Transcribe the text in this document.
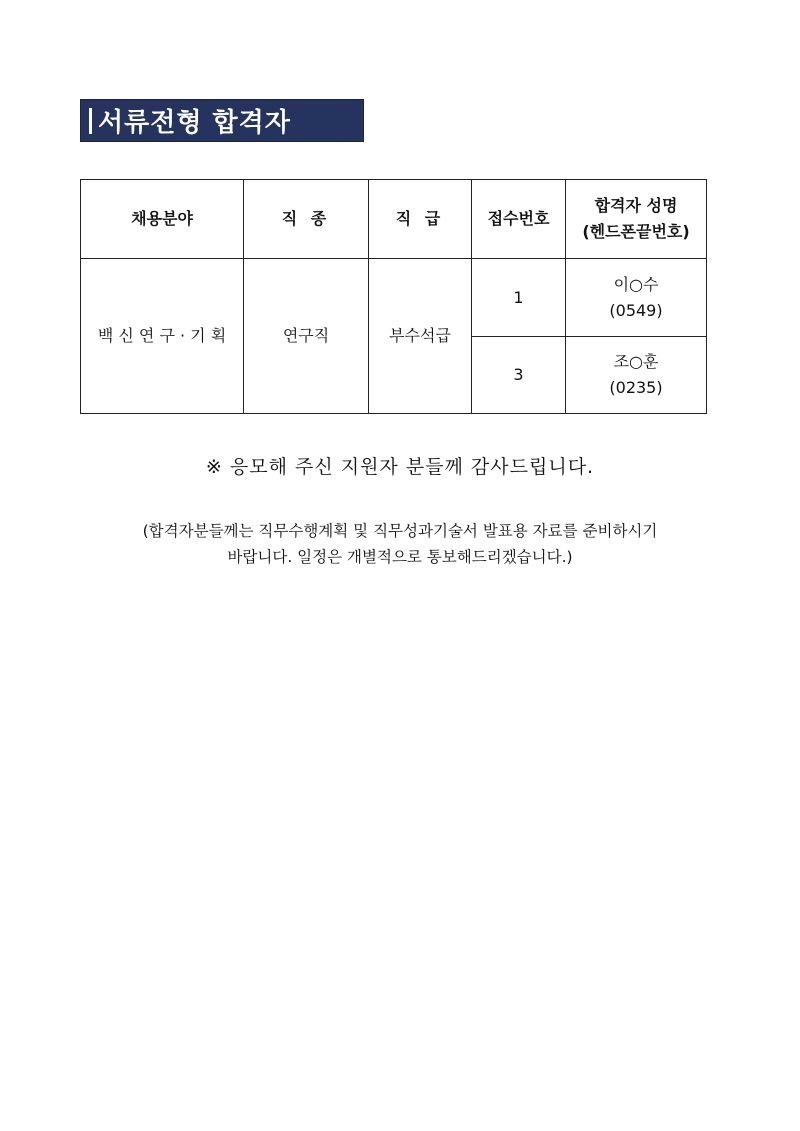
서류전형 합격자
채용분야	직 종	직 급	접수번호	합격자 성명
(헨드폰끝번호)

백 신 연 구 · 기 획	연구직	부수석급	1	이○수
(0549)

			3	조○훈
(0235)
※ 응모해 주신 지원자 분들께 감사드립니다.
(합격자분들께는 직무수행계획 및 직무성과기술서 발표용 자료를 준비하시기
바랍니다. 일정은 개별적으로 통보해드리겠습니다.)
